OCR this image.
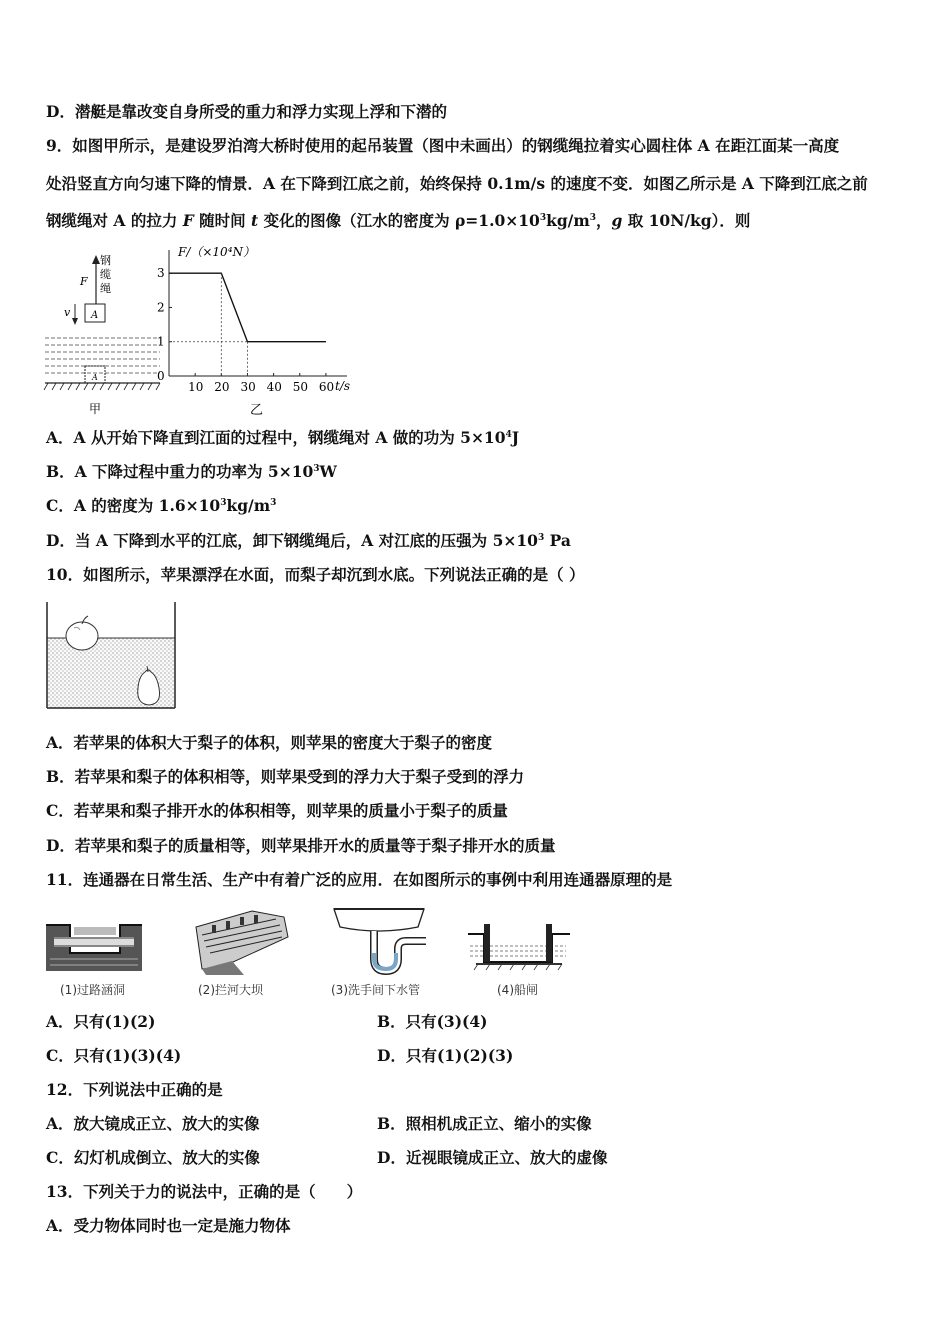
D．潜艇是靠改变自身所受的重力和浮力实现上浮和下潜的
9．如图甲所示，是建设罗泊湾大桥时使用的起吊装置（图中未画出）的钢缆绳拉着实心圆柱体 A 在距江面某一高度
处沿竖直方向匀速下降的情景．A 在下降到江底之前，始终保持 0.1m/s 的速度不变．如图乙所示是 A 下降到江底之前
钢缆绳对 A 的拉力 F 随时间 t 变化的图像（江水的密度为 $\rho=1.0\times 10^3kg/m^3$，g 取 10N/kg）．则
钢
缆
绳
F
A
v
A
甲
F/（×10⁴N）
t/s
乙
0
1
2
3
10 20 30 40 50 60
A．A 从开始下降直到江面的过程中，钢缆绳对 A 做的功为 $5\times 10^4J$
B．A 下降过程中重力的功率为 $5\times 10^3W$
C．A 的密度为 $1.6\times 10^3kg/m^3$
D．当 A 下降到水平的江底，卸下钢缆绳后，A 对江底的压强为 $5\times 10^3$ Pa
10．如图所示，苹果漂浮在水面，而梨子却沉到水底。下列说法正确的是（ ）
A．若苹果的体积大于梨子的体积，则苹果的密度大于梨子的密度
B．若苹果和梨子的体积相等，则苹果受到的浮力大于梨子受到的浮力
C．若苹果和梨子排开水的体积相等，则苹果的质量小于梨子的质量
D．若苹果和梨子的质量相等，则苹果排开水的质量等于梨子排开水的质量
11．连通器在日常生活、生产中有着广泛的应用．在如图所示的事例中利用连通器原理的是
(1)过路涵洞	(2)拦河大坝	(3)洗手间下水管	(4)船闸
A．只有(1)(2)	B．只有(3)(4)
C．只有(1)(3)(4)	D．只有(1)(2)(3)
12．下列说法中正确的是
A．放大镜成正立、放大的实像	B．照相机成正立、缩小的实像
C．幻灯机成倒立、放大的实像	D．近视眼镜成正立、放大的虚像
13．下列关于力的说法中，正确的是（　　）
A．受力物体同时也一定是施力物体
